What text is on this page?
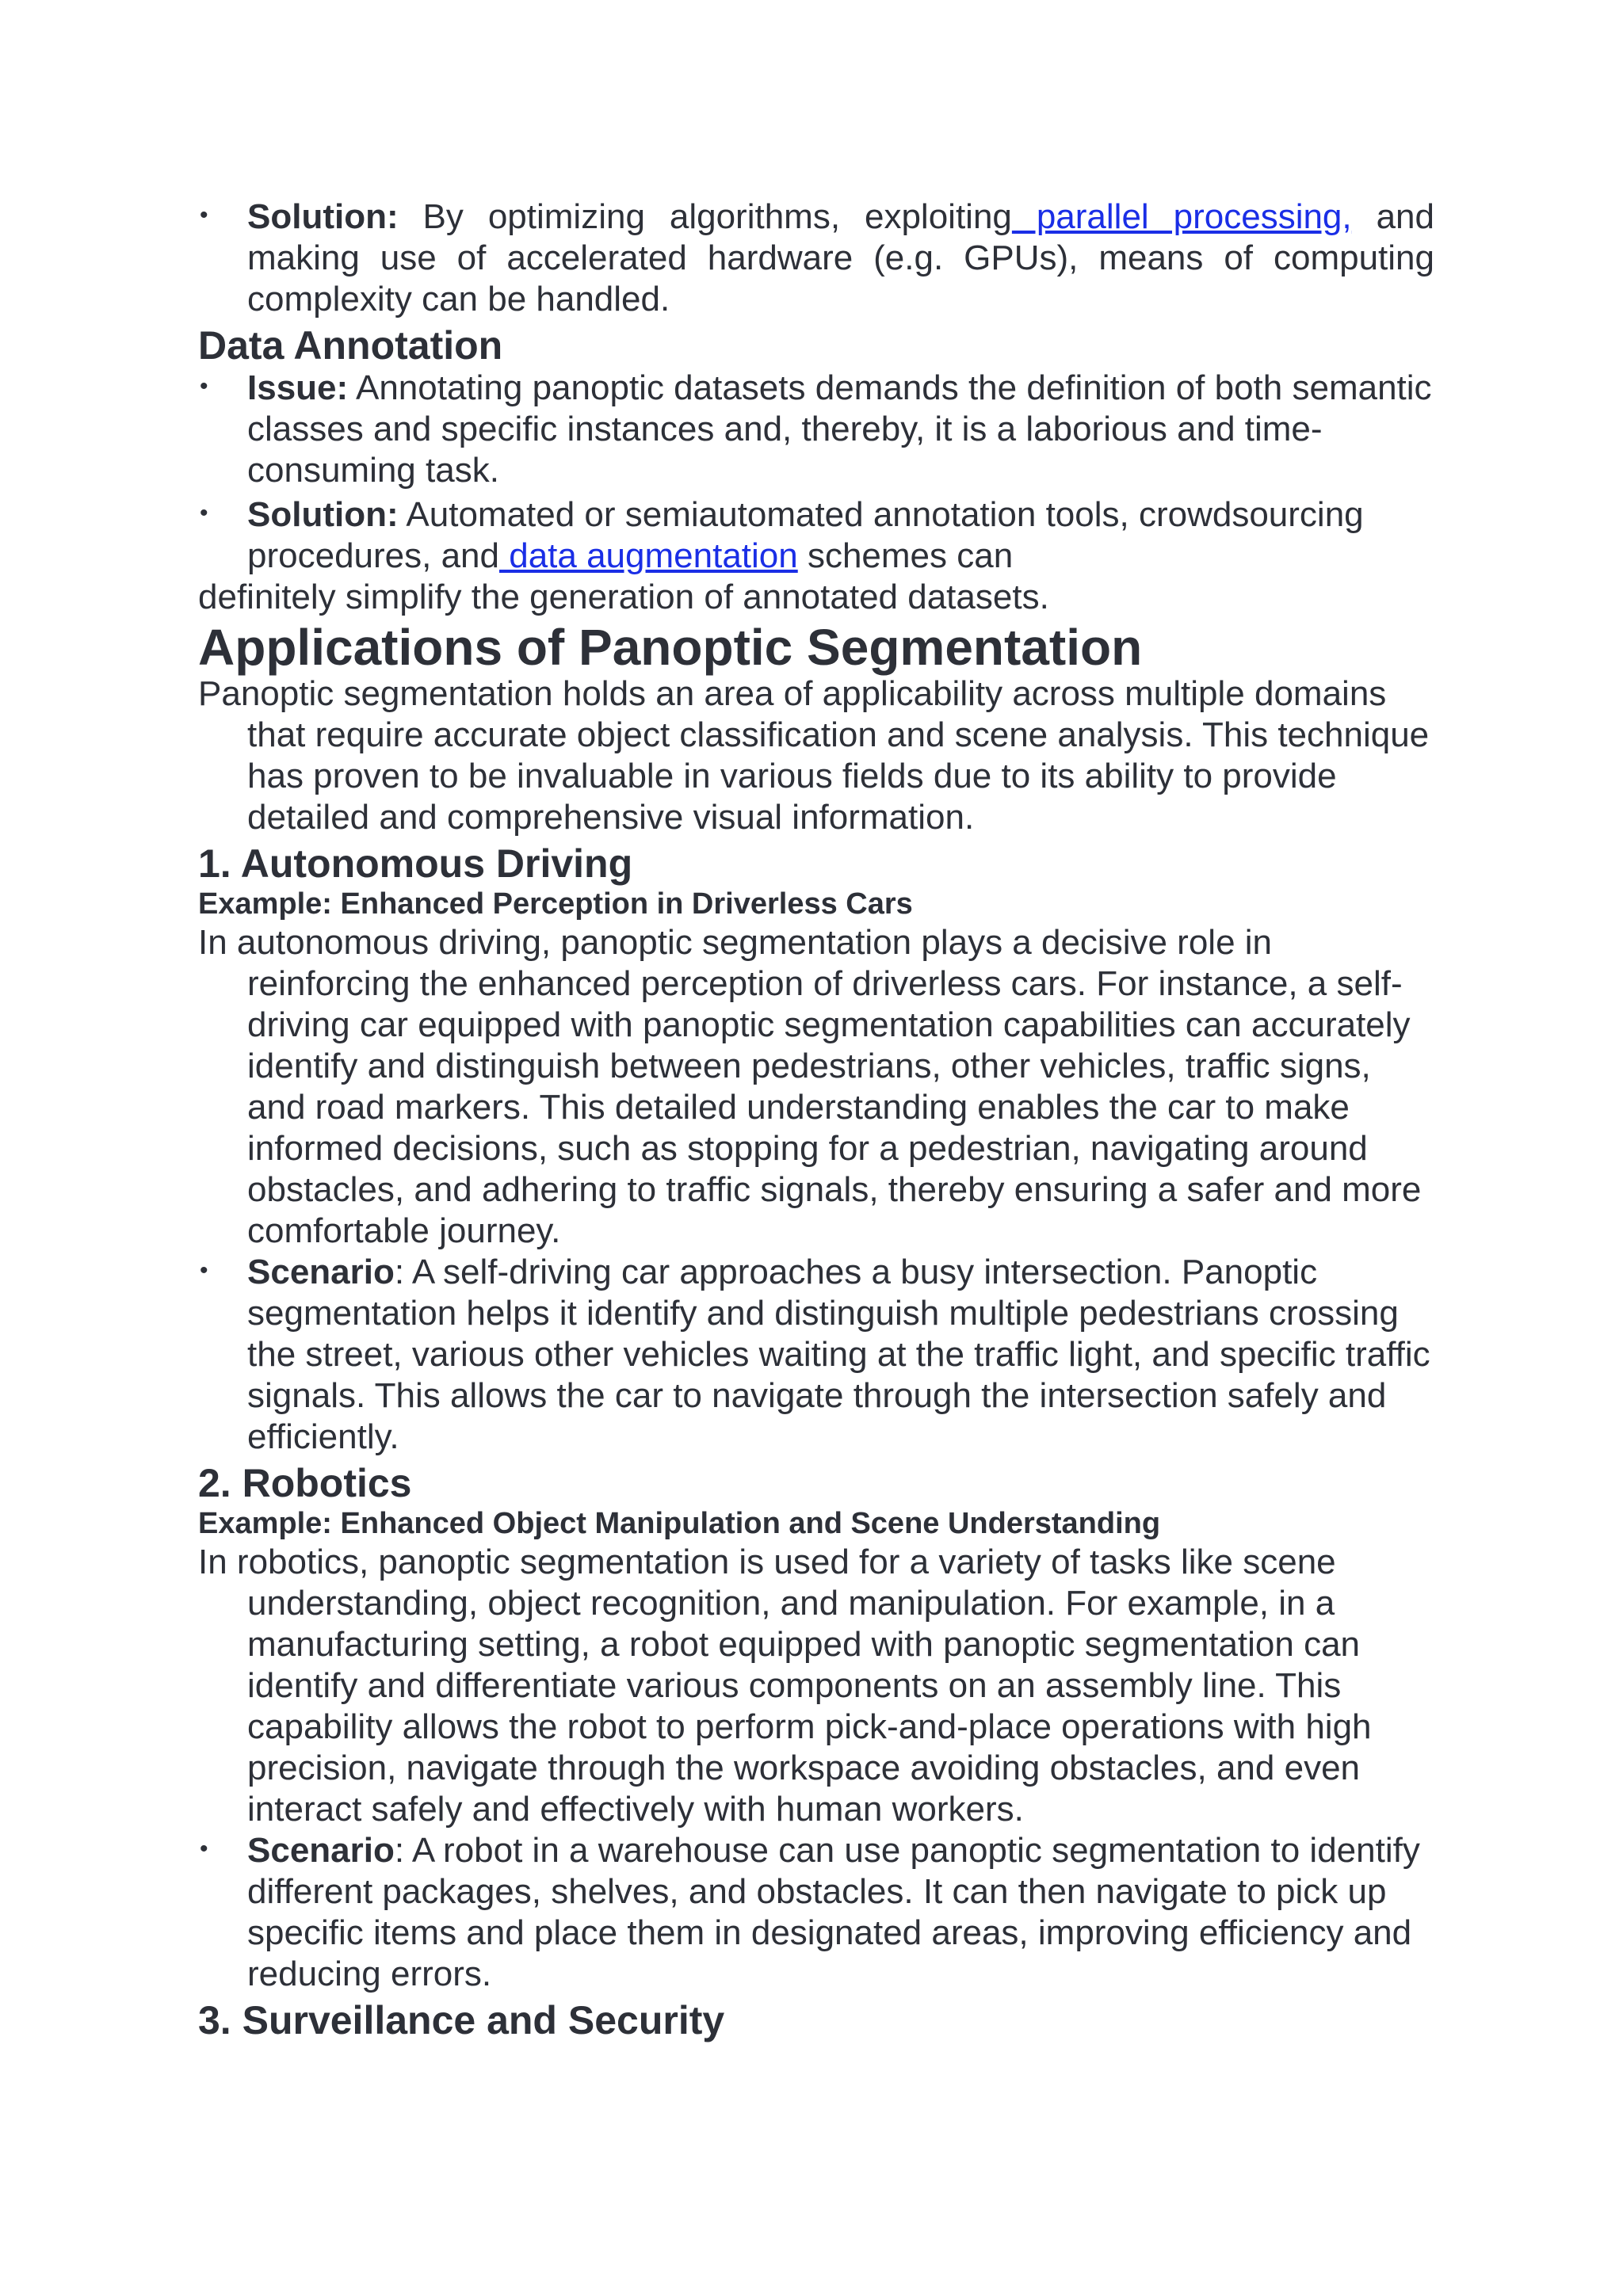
• Solution: By optimizing algorithms, exploiting parallel processing, and making use of accelerated hardware (e.g. GPUs), means of computing complexity can be handled.
Data Annotation
• Issue: Annotating panoptic datasets demands the definition of both semantic classes and specific instances and, thereby, it is a laborious and time-consuming task.
• Solution: Automated or semiautomated annotation tools, crowdsourcing procedures, and data augmentation schemes can
definitely simplify the generation of annotated datasets.
Applications of Panoptic Segmentation
Panoptic segmentation holds an area of applicability across multiple domains that require accurate object classification and scene analysis. This technique has proven to be invaluable in various fields due to its ability to provide detailed and comprehensive visual information.
1. Autonomous Driving
Example: Enhanced Perception in Driverless Cars
In autonomous driving, panoptic segmentation plays a decisive role in reinforcing the enhanced perception of driverless cars. For instance, a self-driving car equipped with panoptic segmentation capabilities can accurately identify and distinguish between pedestrians, other vehicles, traffic signs, and road markers. This detailed understanding enables the car to make informed decisions, such as stopping for a pedestrian, navigating around obstacles, and adhering to traffic signals, thereby ensuring a safer and more comfortable journey.
• Scenario: A self-driving car approaches a busy intersection. Panoptic segmentation helps it identify and distinguish multiple pedestrians crossing the street, various other vehicles waiting at the traffic light, and specific traffic signals. This allows the car to navigate through the intersection safely and efficiently.
2. Robotics
Example: Enhanced Object Manipulation and Scene Understanding
In robotics, panoptic segmentation is used for a variety of tasks like scene understanding, object recognition, and manipulation. For example, in a manufacturing setting, a robot equipped with panoptic segmentation can identify and differentiate various components on an assembly line. This capability allows the robot to perform pick-and-place operations with high precision, navigate through the workspace avoiding obstacles, and even interact safely and effectively with human workers.
• Scenario: A robot in a warehouse can use panoptic segmentation to identify different packages, shelves, and obstacles. It can then navigate to pick up specific items and place them in designated areas, improving efficiency and reducing errors.
3. Surveillance and Security
